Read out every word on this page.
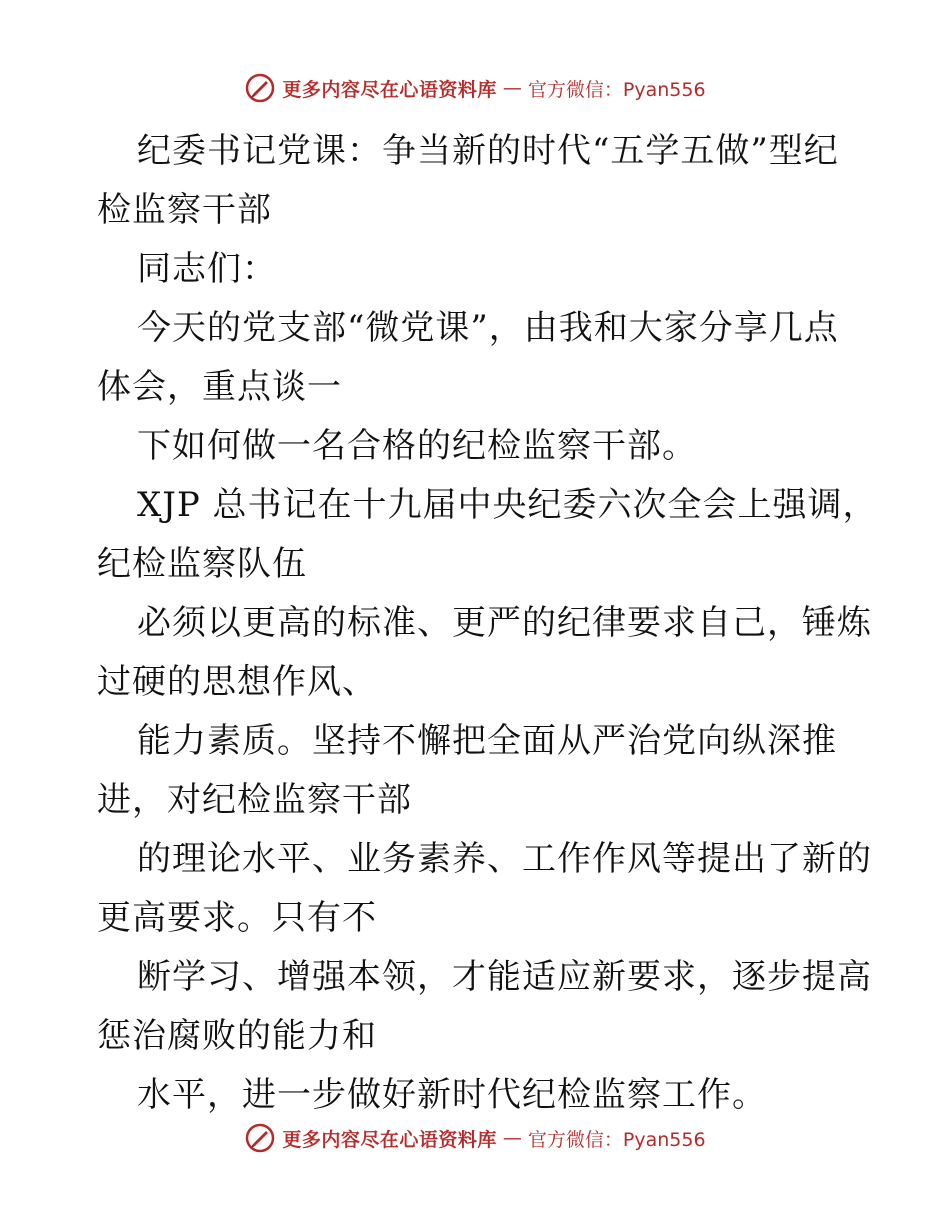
更多内容尽在心语资料库 — 官方微信：Pyan556
纪委书记党课：争当新的时代“五学五做”型纪
检监察干部
同志们：
今天的党支部“微党课”，由我和大家分享几点
体会，重点谈一
下如何做一名合格的纪检监察干部。
XJP 总书记在十九届中央纪委六次全会上强调，
纪检监察队伍
必须以更高的标准、更严的纪律要求自己，锤炼
过硬的思想作风、
能力素质。坚持不懈把全面从严治党向纵深推
进，对纪检监察干部
的理论水平、业务素养、工作作风等提出了新的
更高要求。只有不
断学习、增强本领，才能适应新要求，逐步提高
惩治腐败的能力和
水平，进一步做好新时代纪检监察工作。
更多内容尽在心语资料库 — 官方微信：Pyan556
